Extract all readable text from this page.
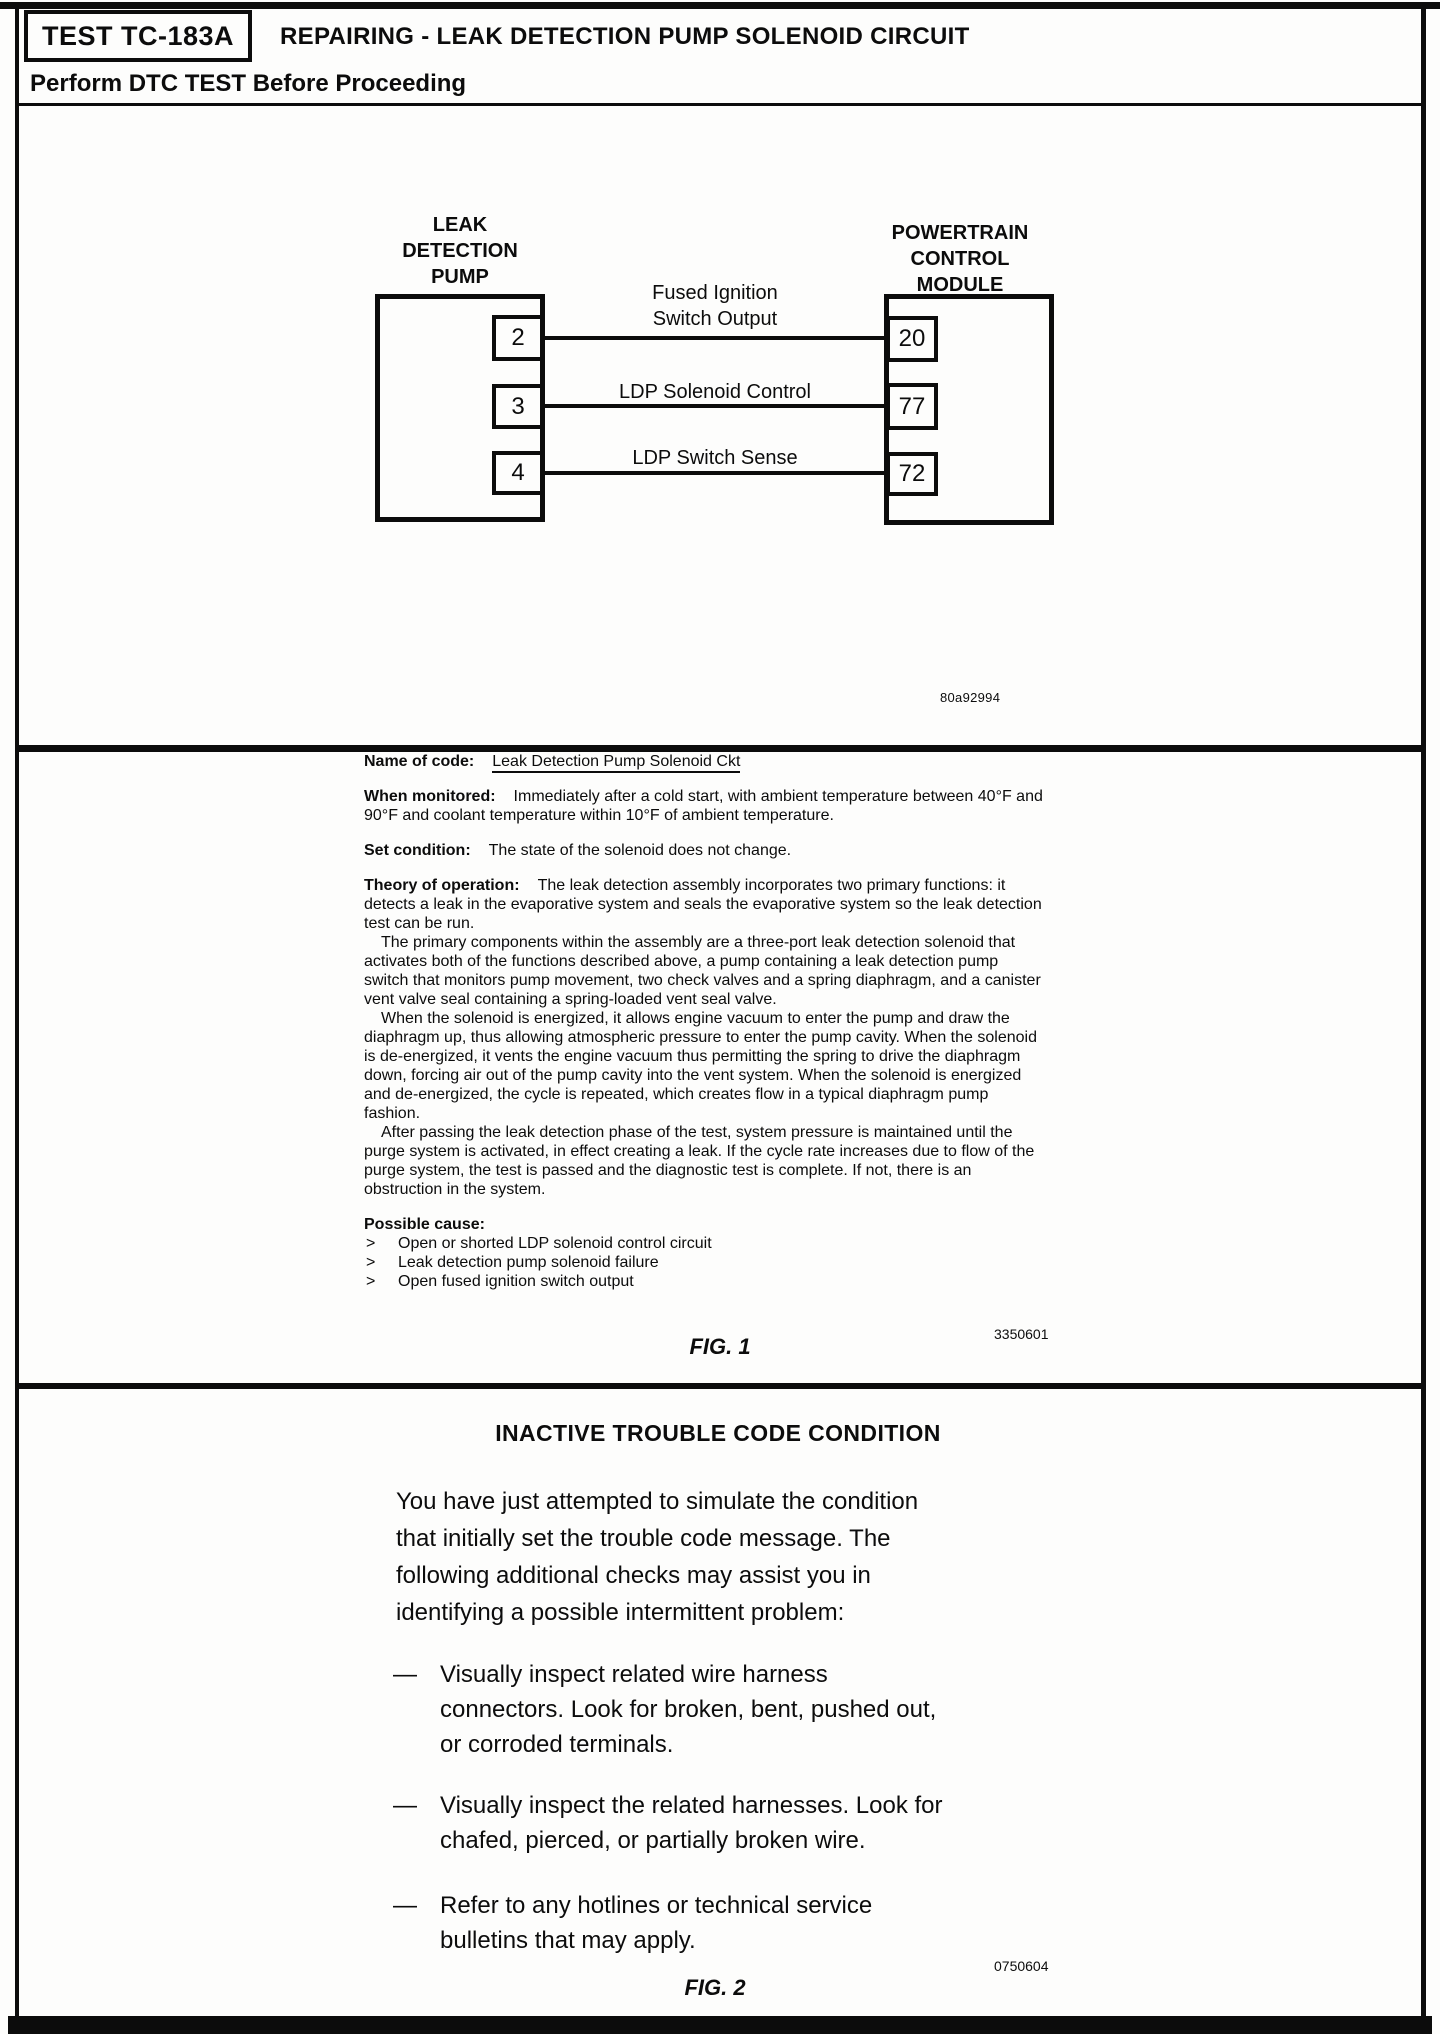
TEST TC-183A REPAIRING - LEAK DETECTION PUMP SOLENOID CIRCUIT
Perform DTC TEST Before Proceeding
LEAK
DETECTION
PUMP
POWERTRAIN
CONTROL
MODULE
Fused Ignition
Switch Output
LDP Solenoid Control
LDP Switch Sense
2
3
4
20
77
72
80a92994
Name of code: Leak Detection Pump Solenoid Ckt

When monitored: Immediately after a cold start, with ambient temperature between 40°F and 90°F and coolant temperature within 10°F of ambient temperature.

Set condition: The state of the solenoid does not change.

Theory of operation: The leak detection assembly incorporates two primary functions: it detects a leak in the evaporative system and seals the evaporative system so the leak detection test can be run.

The primary components within the assembly are a three-port leak detection solenoid that activates both of the functions described above, a pump containing a leak detection pump switch that monitors pump movement, two check valves and a spring diaphragm, and a canister vent valve seal containing a spring-loaded vent seal valve.

When the solenoid is energized, it allows engine vacuum to enter the pump and draw the diaphragm up, thus allowing atmospheric pressure to enter the pump cavity. When the solenoid is de-energized, it vents the engine vacuum thus permitting the spring to drive the diaphragm down, forcing air out of the pump cavity into the vent system. When the solenoid is energized and de-energized, the cycle is repeated, which creates flow in a typical diaphragm pump fashion.

After passing the leak detection phase of the test, system pressure is maintained until the purge system is activated, in effect creating a leak. If the cycle rate increases due to flow of the purge system, the test is passed and the diagnostic test is complete. If not, there is an obstruction in the system.

Possible cause:

> Open or shorted LDP solenoid control circuit
> Leak detection pump solenoid failure
> Open fused ignition switch output
3350601
FIG. 1
INACTIVE TROUBLE CODE CONDITION
You have just attempted to simulate the condition
that initially set the trouble code message. The
following additional checks may assist you in
identifying a possible intermittent problem:
— Visually inspect related wire harness
connectors. Look for broken, bent, pushed out,
or corroded terminals.
— Visually inspect the related harnesses. Look for
chafed, pierced, or partially broken wire.
— Refer to any hotlines or technical service
bulletins that may apply.
0750604
FIG. 2
